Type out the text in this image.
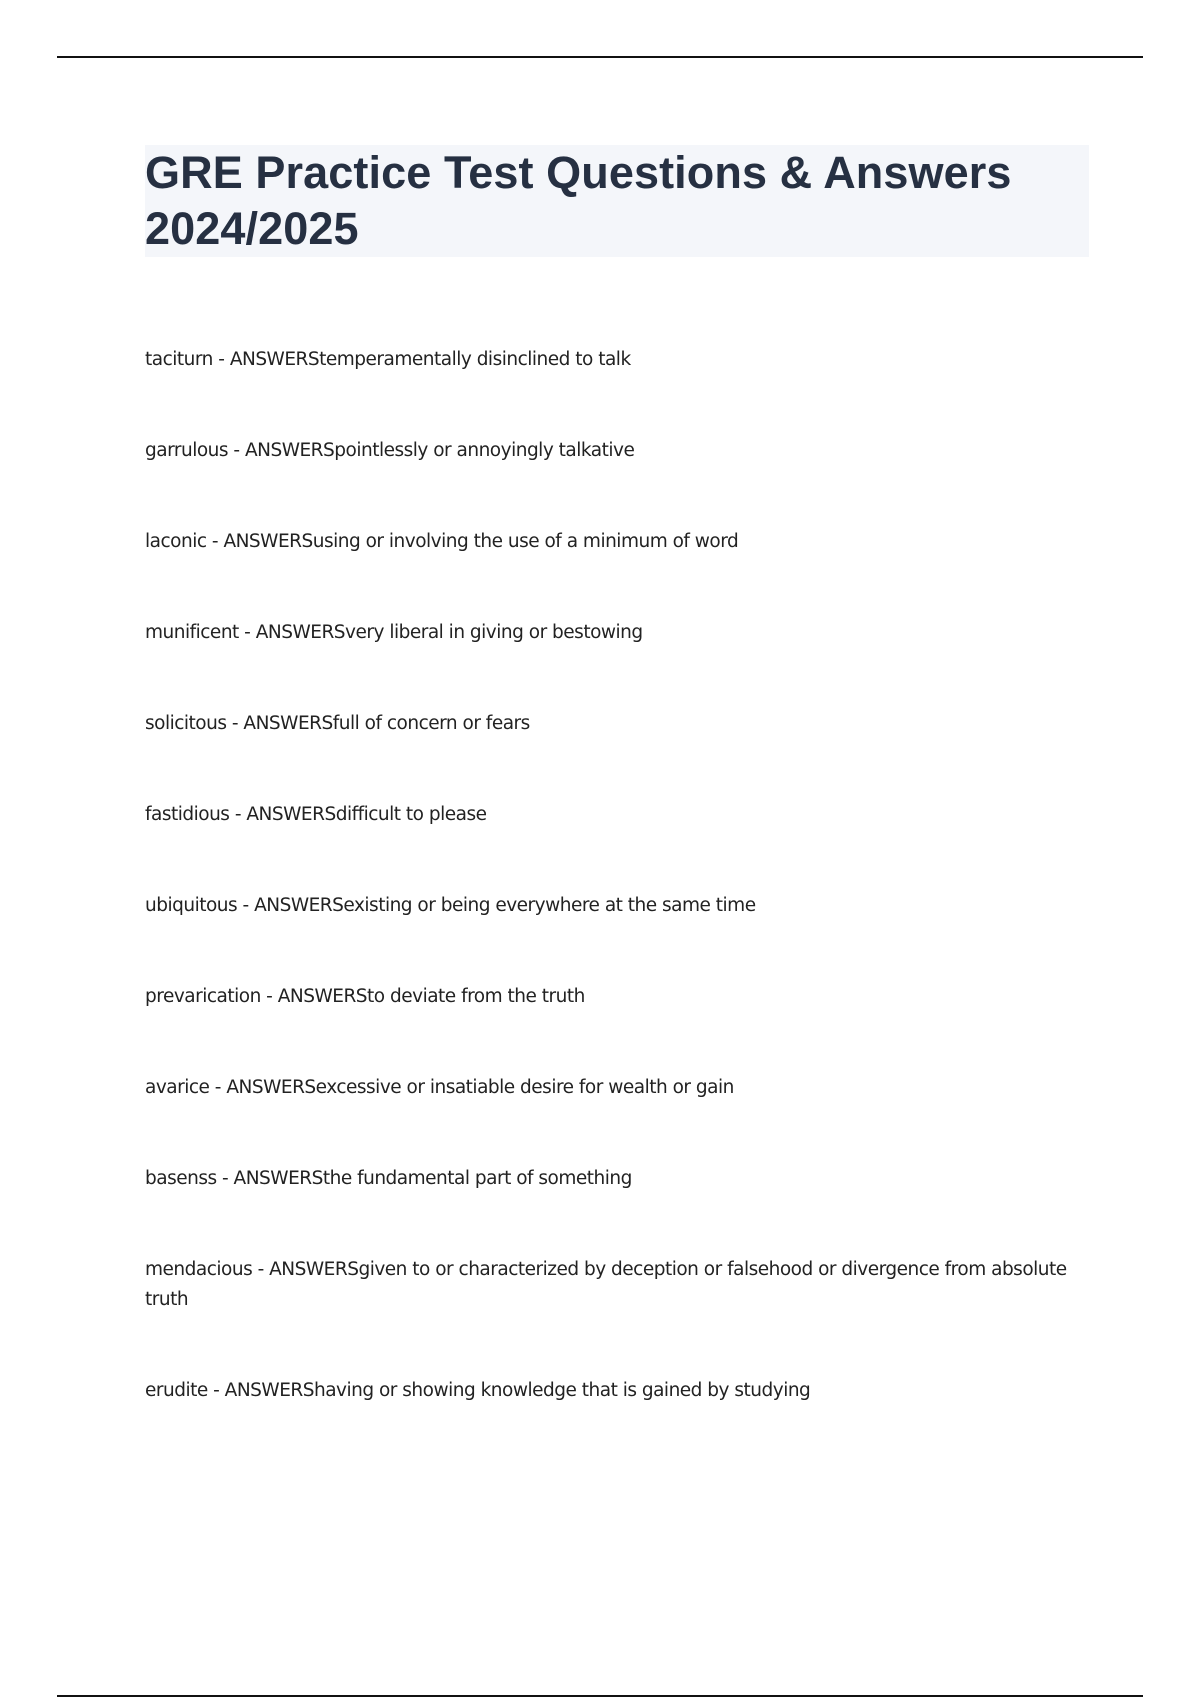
GRE Practice Test Questions & Answers 2024/2025
taciturn - ANSWERStemperamentally disinclined to talk
garrulous - ANSWERSpointlessly or annoyingly talkative
laconic - ANSWERSusing or involving the use of a minimum of word
munificent - ANSWERSvery liberal in giving or bestowing
solicitous - ANSWERSfull of concern or fears
fastidious - ANSWERSdifficult to please
ubiquitous - ANSWERSexisting or being everywhere at the same time
prevarication - ANSWERSto deviate from the truth
avarice - ANSWERSexcessive or insatiable desire for wealth or gain
basenss - ANSWERSthe fundamental part of something
mendacious - ANSWERSgiven to or characterized by deception or falsehood or divergence from absolute truth
erudite - ANSWERShaving or showing knowledge that is gained by studying
